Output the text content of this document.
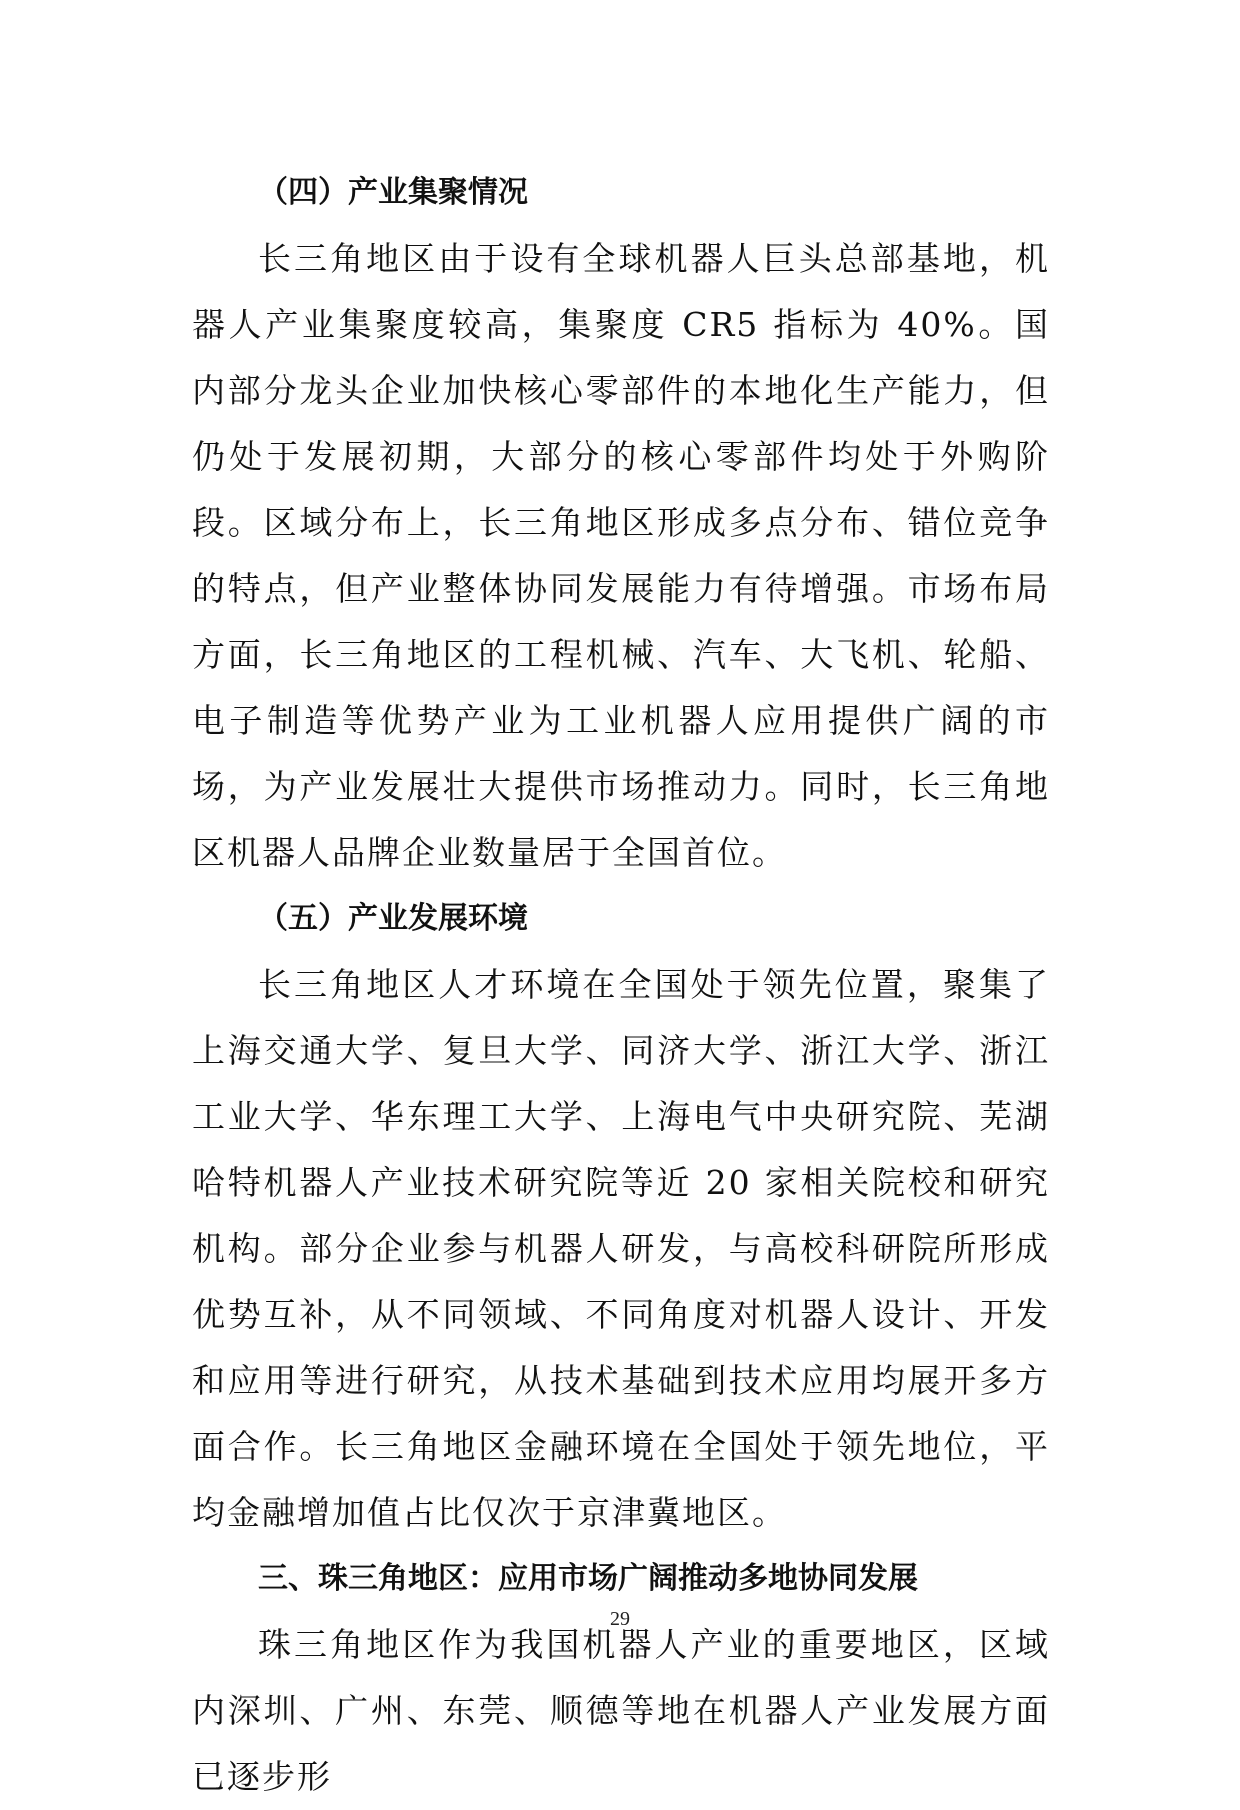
（四）产业集聚情况

长三角地区由于设有全球机器人巨头总部基地，机器人产业集聚度较高，集聚度 CR5 指标为 40%。国内部分龙头企业加快核心零部件的本地化生产能力，但仍处于发展初期，大部分的核心零部件均处于外购阶段。区域分布上，长三角地区形成多点分布、错位竞争的特点，但产业整体协同发展能力有待增强。市场布局方面，长三角地区的工程机械、汽车、大飞机、轮船、电子制造等优势产业为工业机器人应用提供广阔的市场，为产业发展壮大提供市场推动力。同时，长三角地区机器人品牌企业数量居于全国首位。

（五）产业发展环境

长三角地区人才环境在全国处于领先位置，聚集了上海交通大学、复旦大学、同济大学、浙江大学、浙江工业大学、华东理工大学、上海电气中央研究院、芜湖哈特机器人产业技术研究院等近 20 家相关院校和研究机构。部分企业参与机器人研发，与高校科研院所形成优势互补，从不同领域、不同角度对机器人设计、开发和应用等进行研究，从技术基础到技术应用均展开多方面合作。长三角地区金融环境在全国处于领先地位，平均金融增加值占比仅次于京津冀地区。

三、珠三角地区：应用市场广阔推动多地协同发展

珠三角地区作为我国机器人产业的重要地区，区域内深圳、广州、东莞、顺德等地在机器人产业发展方面已逐步形

29
